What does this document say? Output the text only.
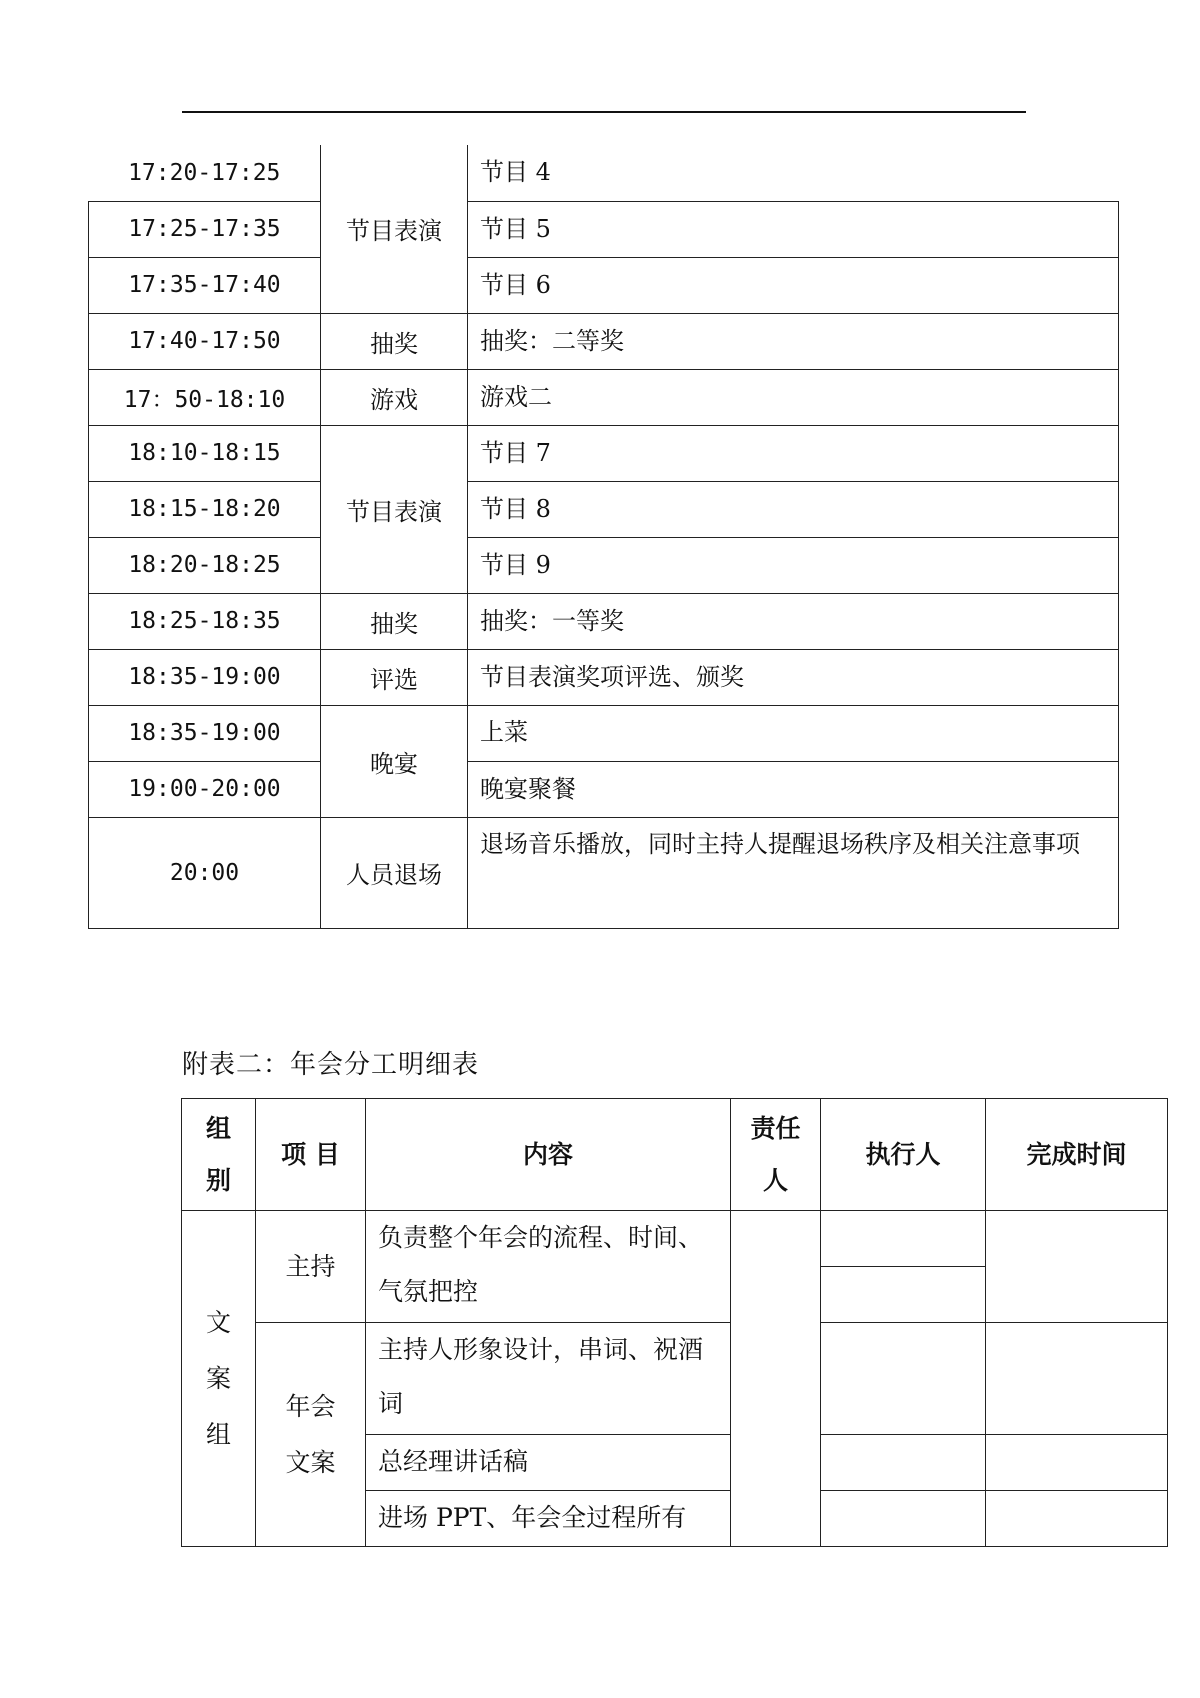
17:20-17:25	节目表演	节目 4
17:25-17:35		节目 5
17:35-17:40		节目 6
17:40-17:50	抽奖	抽奖：二等奖
17：50-18:10	游戏	游戏二
18:10-18:15	节目表演	节目 7
18:15-18:20		节目 8
18:20-18:25		节目 9
18:25-18:35	抽奖	抽奖：一等奖
18:35-19:00	评选	节目表演奖项评选、颁奖
18:35-19:00	晚宴	上菜
19:00-20:00		晚宴聚餐
20:00	人员退场	退场音乐播放，同时主持人提醒退场秩序及相关注意事项
附表二：年会分工明细表
组别	项 目	内容	责任人	执行人	完成时间
文案组	主持	负责整个年会的流程、时间、气氛把控			

	年会文案	主持人形象设计，串词、祝酒词			
		总经理讲话稿			
		进场 PPT、年会全过程所有			
